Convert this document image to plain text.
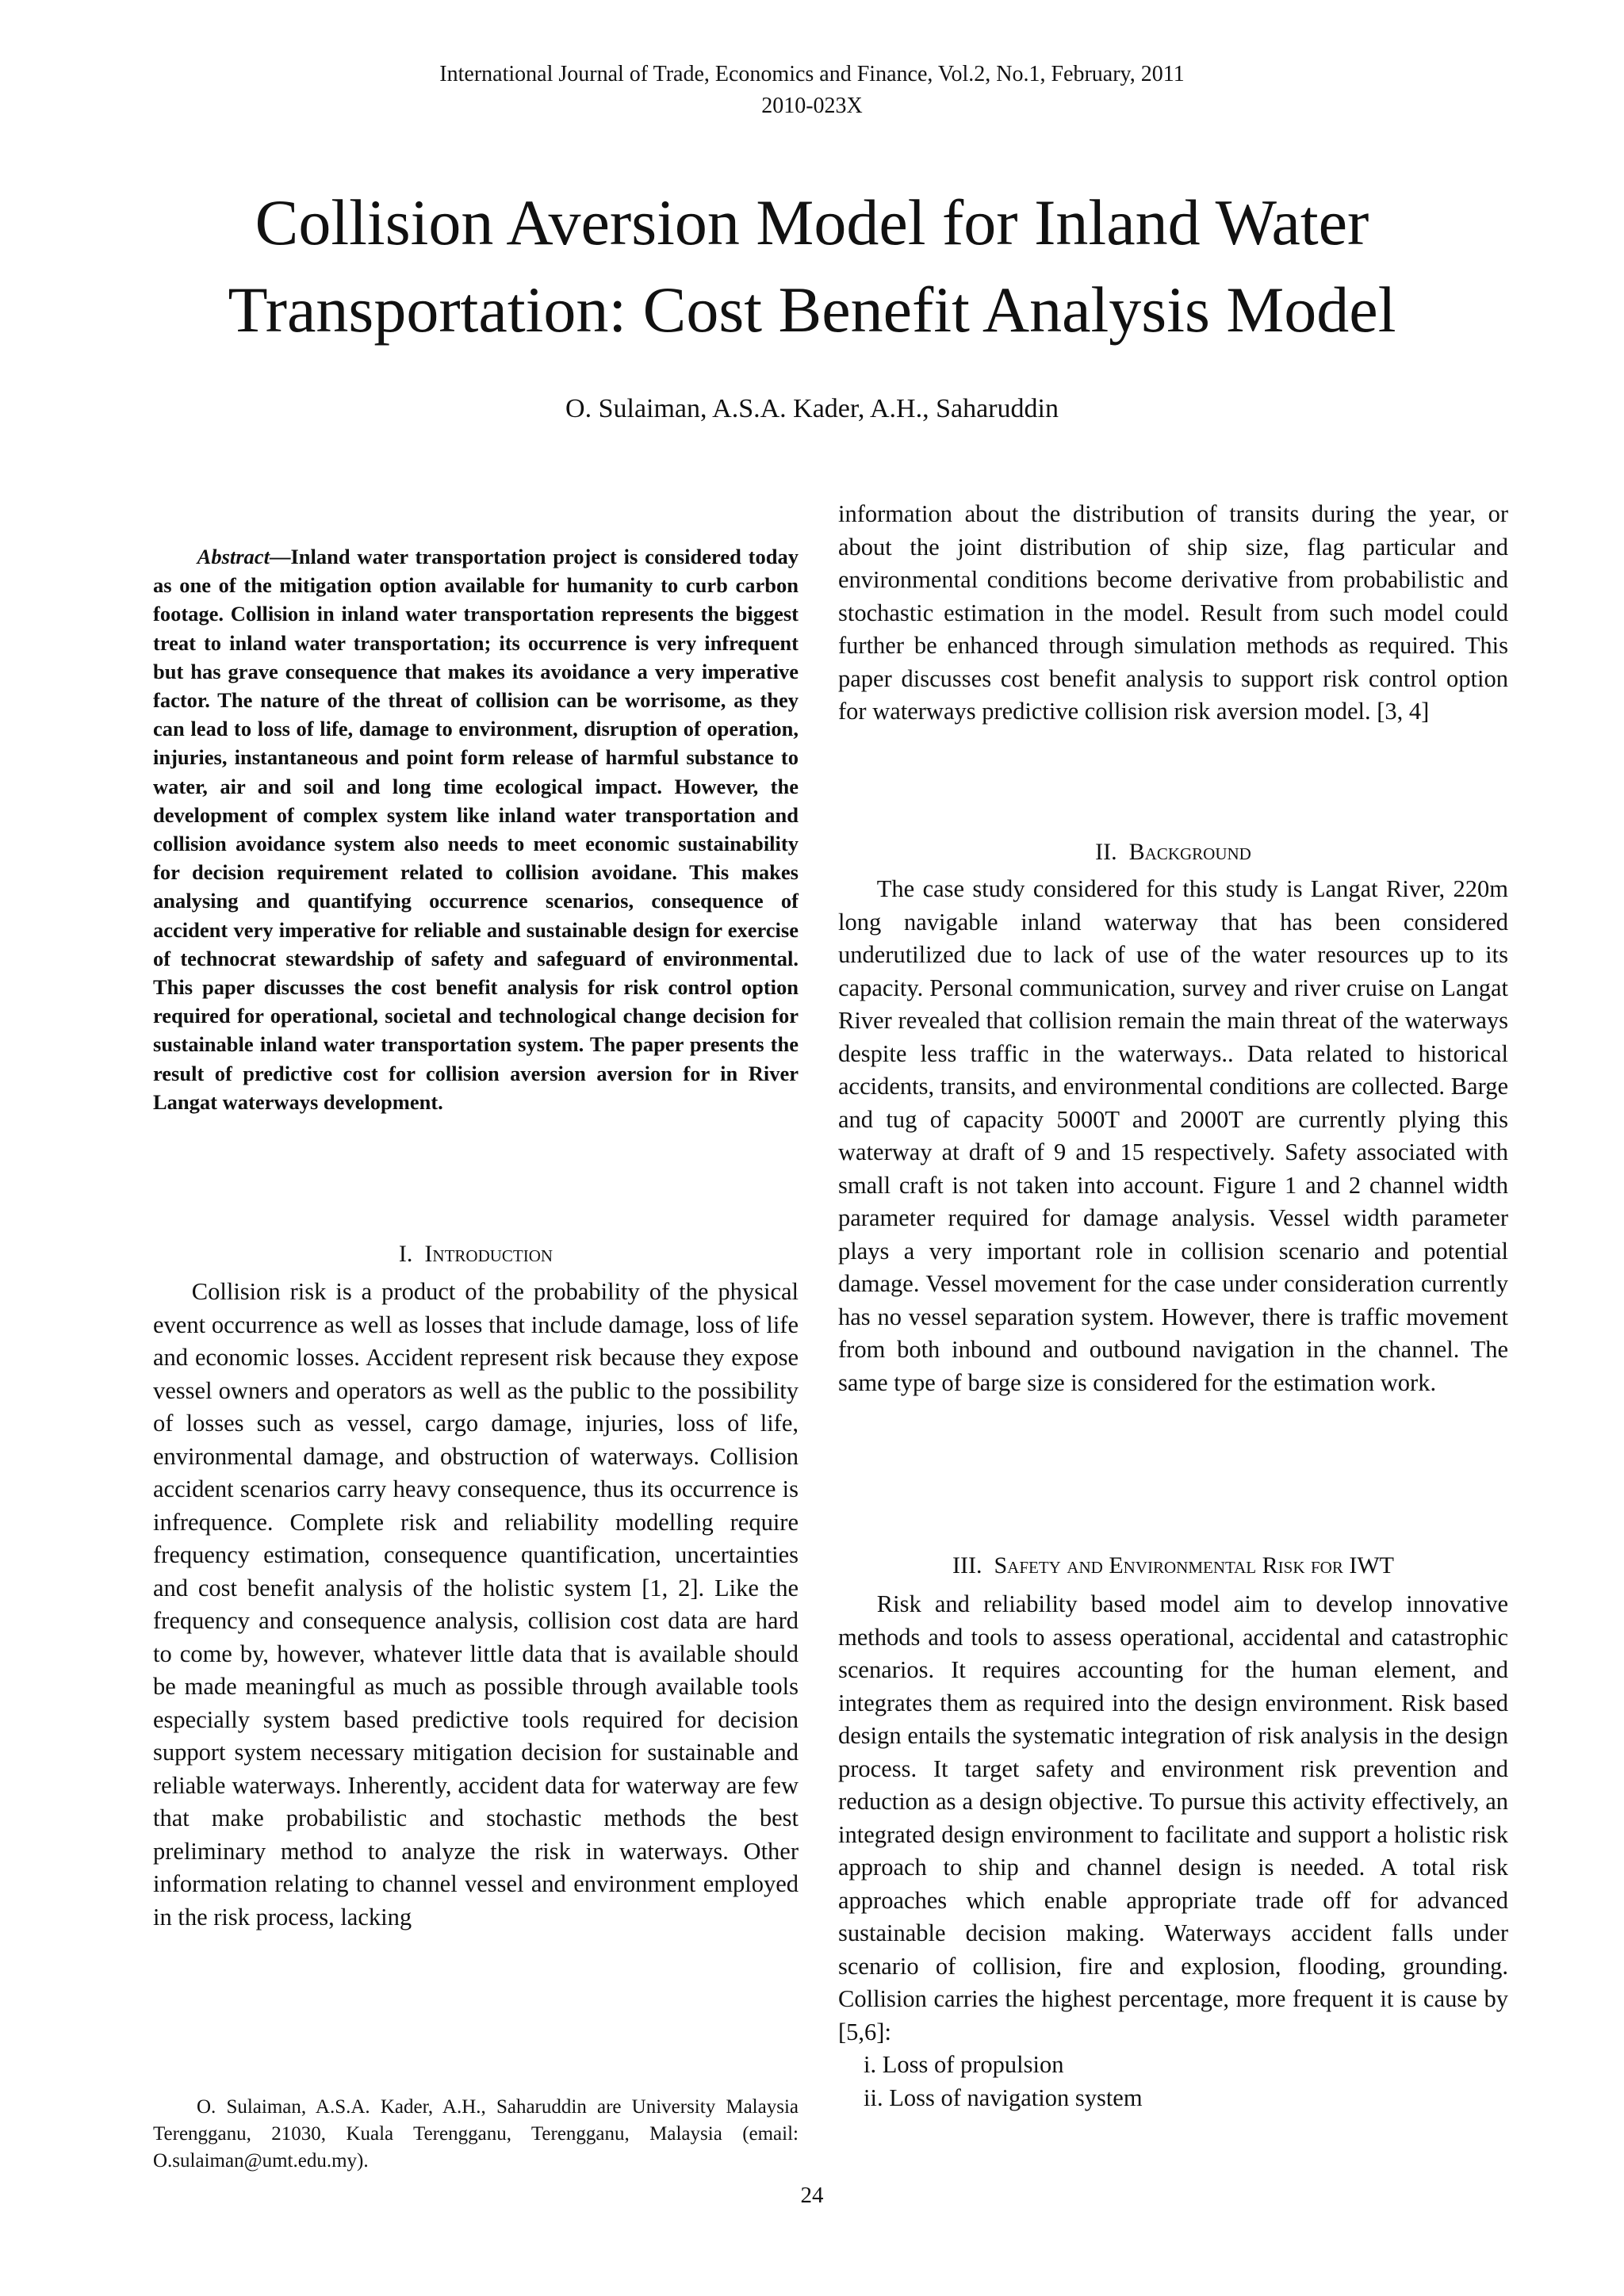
International Journal of Trade, Economics and Finance, Vol.2, No.1, February, 2011
2010-023X
Collision Aversion Model for Inland Water
Transportation: Cost Benefit Analysis Model
O. Sulaiman, A.S.A. Kader, A.H., Saharuddin

Abstract—Inland water transportation project is considered today as one of the mitigation option available for humanity to curb carbon footage. Collision in inland water transportation represents the biggest treat to inland water transportation; its occurrence is very infrequent but has grave consequence that makes its avoidance a very imperative factor. The nature of the threat of collision can be worrisome, as they can lead to loss of life, damage to environment, disruption of operation, injuries, instantaneous and point form release of harmful substance to water, air and soil and long time ecological impact. However, the development of complex system like inland water transportation and collision avoidance system also needs to meet economic sustainability for decision requirement related to collision avoidane. This makes analysing and quantifying occurrence scenarios, consequence of accident very imperative for reliable and sustainable design for exercise of technocrat stewardship of safety and safeguard of environmental. This paper discusses the cost benefit analysis for risk control option required for operational, societal and technological change decision for sustainable inland water transportation system. The paper presents the result of predictive cost for collision aversion aversion for in River Langat waterways development.

I. Introduction

Collision risk is a product of the probability of the physical event occurrence as well as losses that include damage, loss of life and economic losses. Accident represent risk because they expose vessel owners and operators as well as the public to the possibility of losses such as vessel, cargo damage, injuries, loss of life, environmental damage, and obstruction of waterways. Collision accident scenarios carry heavy consequence, thus its occurrence is infrequence. Complete risk and reliability modelling require frequency estimation, consequence quantification, uncertainties and cost benefit analysis of the holistic system [1, 2]. Like the frequency and consequence analysis, collision cost data are hard to come by, however, whatever little data that is available should be made meaningful as much as possible through available tools especially system based predictive tools required for decision support system necessary mitigation decision for sustainable and reliable waterways. Inherently, accident data for waterway are few that make probabilistic and stochastic methods the best preliminary method to analyze the risk in waterways. Other information relating to channel vessel and environment employed in the risk process, lacking

O. Sulaiman, A.S.A. Kader, A.H., Saharuddin are University Malaysia Terengganu, 21030, Kuala Terengganu, Terengganu, Malaysia (email: O.sulaiman@umt.edu.my).

information about the distribution of transits during the year, or about the joint distribution of ship size, flag particular and environmental conditions become derivative from probabilistic and stochastic estimation in the model. Result from such model could further be enhanced through simulation methods as required. This paper discusses cost benefit analysis to support risk control option for waterways predictive collision risk aversion model. [3, 4]

II. Background

The case study considered for this study is Langat River, 220m long navigable inland waterway that has been considered underutilized due to lack of use of the water resources up to its capacity. Personal communication, survey and river cruise on Langat River revealed that collision remain the main threat of the waterways despite less traffic in the waterways.. Data related to historical accidents, transits, and environmental conditions are collected. Barge and tug of capacity 5000T and 2000T are currently plying this waterway at draft of 9 and 15 respectively. Safety associated with small craft is not taken into account. Figure 1 and 2 channel width parameter required for damage analysis. Vessel width parameter plays a very important role in collision scenario and potential damage. Vessel movement for the case under consideration currently has no vessel separation system. However, there is traffic movement from both inbound and outbound navigation in the channel. The same type of barge size is considered for the estimation work.

III. Safety and Environmental Risk for IWT

Risk and reliability based model aim to develop innovative methods and tools to assess operational, accidental and catastrophic scenarios. It requires accounting for the human element, and integrates them as required into the design environment. Risk based design entails the systematic integration of risk analysis in the design process. It target safety and environment risk prevention and reduction as a design objective. To pursue this activity effectively, an integrated design environment to facilitate and support a holistic risk approach to ship and channel design is needed. A total risk approaches which enable appropriate trade off for advanced sustainable decision making. Waterways accident falls under scenario of collision, fire and explosion, flooding, grounding. Collision carries the highest percentage, more frequent it is cause by [5,6]:

i. Loss of propulsion
ii. Loss of navigation system
24
